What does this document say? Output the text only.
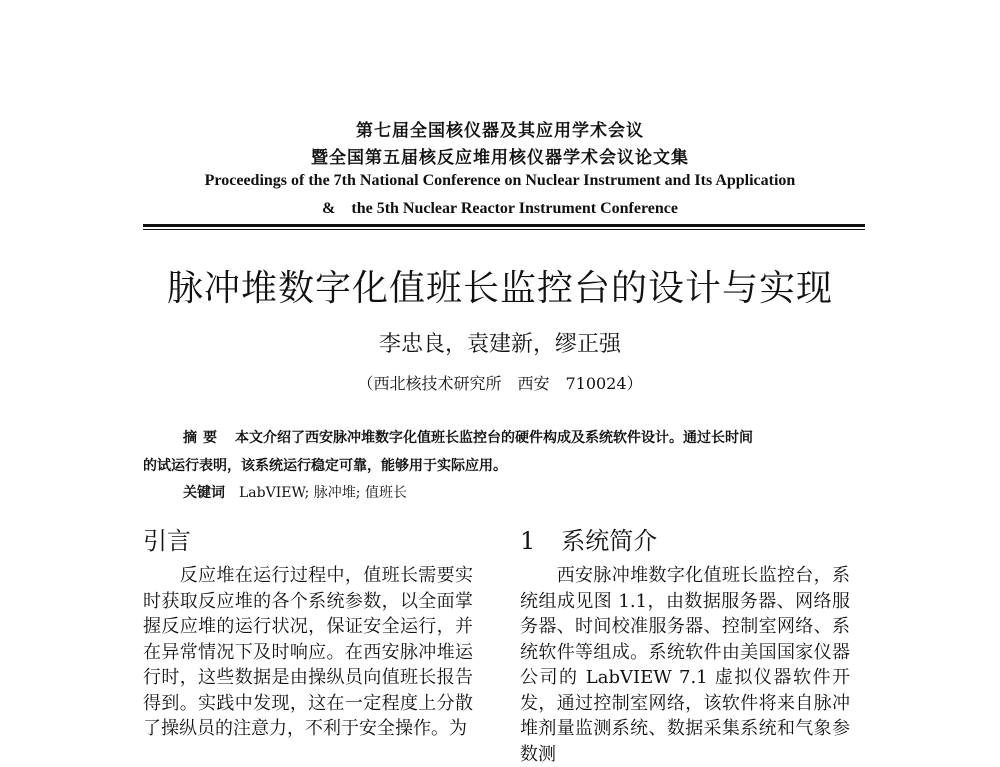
第七届全国核仪器及其应用学术会议

暨全国第五届核反应堆用核仪器学术会议论文集

Proceedings of the 7th National Conference on Nuclear Instrument and Its Application

&    the 5th Nuclear Reactor Instrument Conference

脉冲堆数字化值班长监控台的设计与实现

李忠良，袁建新，缪正强

（西北核技术研究所　西安　710024）

摘要 本文介绍了西安脉冲堆数字化值班长监控台的硬件构成及系统软件设计。通过长时间

的试运行表明，该系统运行稳定可靠，能够用于实际应用。

关键词 LabVIEW; 脉冲堆; 值班长

引言	1 系统简介

　　反应堆在运行过程中，值班长需要实时获取反应堆的各个系统参数，以全面掌握反应堆的运行状况，保证安全运行，并在异常情况下及时响应。在西安脉冲堆运行时，这些数据是由操纵员向值班长报告得到。实践中发现，这在一定程度上分散了操纵员的注意力，不利于安全操作。为

　　西安脉冲堆数字化值班长监控台，系统组成见图 1.1，由数据服务器、网络服务器、时间校准服务器、控制室网络、系统软件等组成。系统软件由美国国家仪器公司的 LabVIEW 7.1 虚拟仪器软件开发，通过控制室网络，该软件将来自脉冲堆剂量监测系统、数据采集系统和气象参数测
